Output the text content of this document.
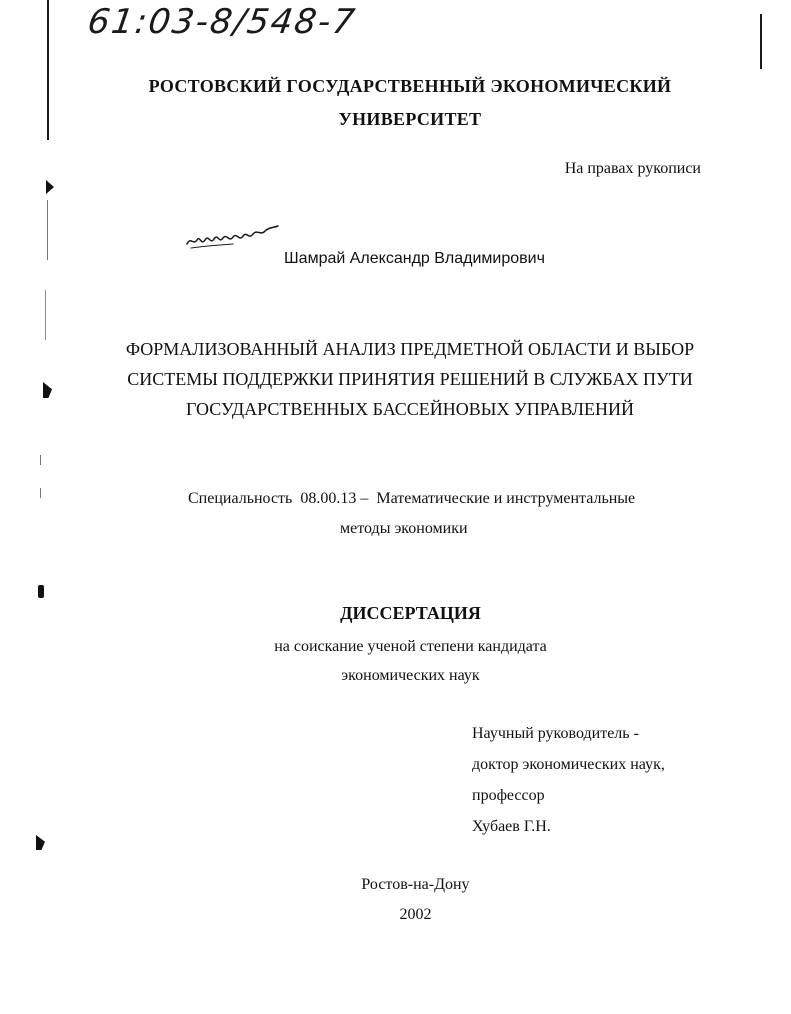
61:03-8/548-7
РОСТОВСКИЙ ГОСУДАРСТВЕННЫЙ ЭКОНОМИЧЕСКИЙ
УНИВЕРСИТЕТ
На правах рукописи
Шамрай Александр Владимирович
ФОРМАЛИЗОВАННЫЙ АНАЛИЗ ПРЕДМЕТНОЙ ОБЛАСТИ И ВЫБОР
СИСТЕМЫ ПОДДЕРЖКИ ПРИНЯТИЯ РЕШЕНИЙ В СЛУЖБАХ ПУТИ
ГОСУДАРСТВЕННЫХ БАССЕЙНОВЫХ УПРАВЛЕНИЙ
Специальность  08.00.13 –  Математические и инструментальные
методы экономики
ДИССЕРТАЦИЯ
на соискание ученой степени кандидата
экономических наук
Научный руководитель -
доктор экономических наук,
профессор
Хубаев Г.Н.
Ростов-на-Дону
2002
